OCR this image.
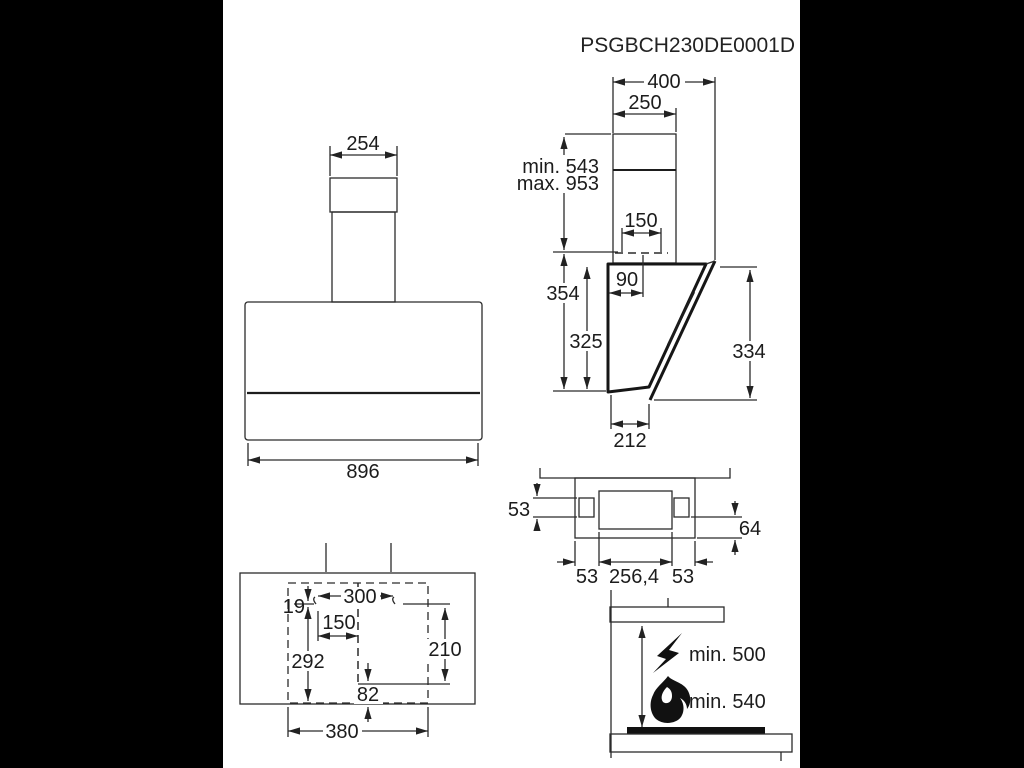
PSGBCH230DE0001D
254
896
400
250
min. 543
max. 953
150
90
354
325	334
212
53
64
53 256,4 53
19 300
150
292
210
82
380
min. 500
min. 540
